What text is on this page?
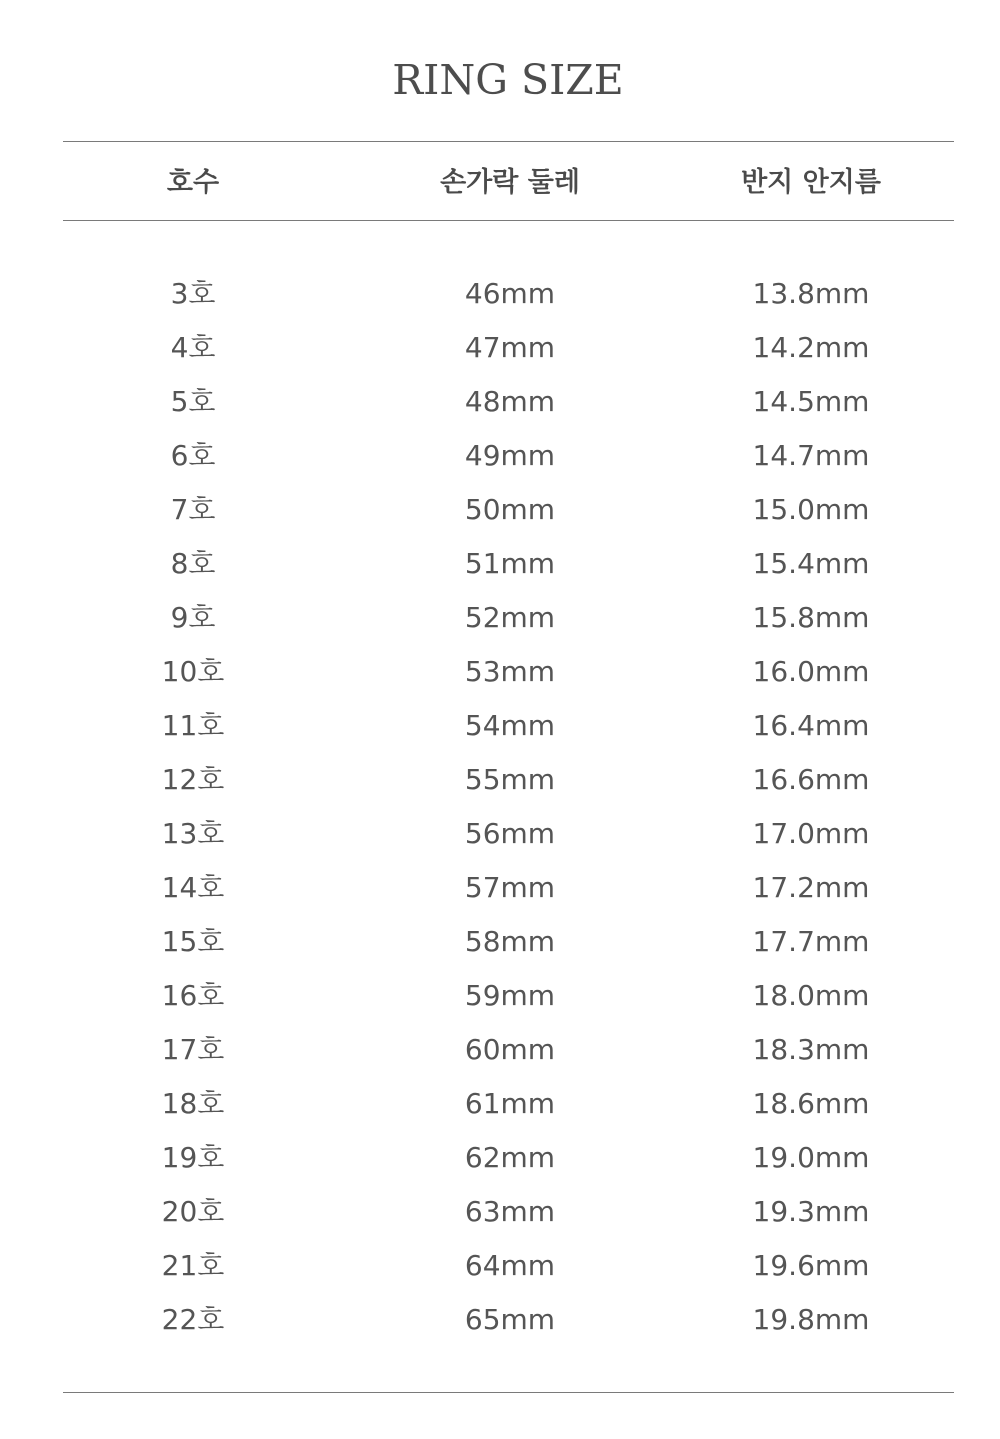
RING SIZE
호수	손가락 둘레	반지 안지름
3호	46mm	13.8mm
4호	47mm	14.2mm
5호	48mm	14.5mm
6호	49mm	14.7mm
7호	50mm	15.0mm
8호	51mm	15.4mm
9호	52mm	15.8mm
10호	53mm	16.0mm
11호	54mm	16.4mm
12호	55mm	16.6mm
13호	56mm	17.0mm
14호	57mm	17.2mm
15호	58mm	17.7mm
16호	59mm	18.0mm
17호	60mm	18.3mm
18호	61mm	18.6mm
19호	62mm	19.0mm
20호	63mm	19.3mm
21호	64mm	19.6mm
22호	65mm	19.8mm
